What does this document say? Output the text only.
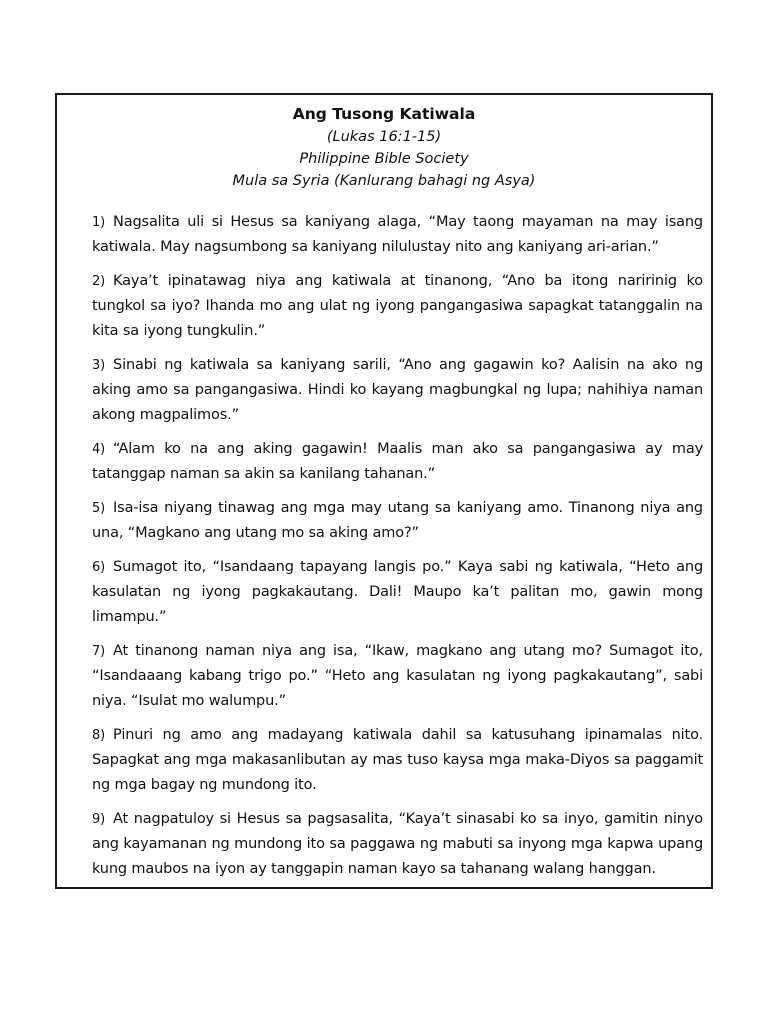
Ang Tusong Katiwala

(Lukas 16:1-15)

Philippine Bible Society

Mula sa Syria (Kanlurang bahagi ng Asya)

1) Nagsalita uli si Hesus sa kaniyang alaga, “May taong mayaman na may isang katiwala. May nagsumbong sa kaniyang nilulustay nito ang kaniyang ari-arian.”

2) Kaya’t ipinatawag niya ang katiwala at tinanong, “Ano ba itong naririnig ko tungkol sa iyo? Ihanda mo ang ulat ng iyong pangangasiwa sapagkat tatanggalin na kita sa iyong tungkulin.”

3) Sinabi ng katiwala sa kaniyang sarili, “Ano ang gagawin ko? Aalisin na ako ng aking amo sa pangangasiwa. Hindi ko kayang magbungkal ng lupa; nahihiya naman akong magpalimos.”

4) “Alam ko na ang aking gagawin! Maalis man ako sa pangangasiwa ay may tatanggap naman sa akin sa kanilang tahanan.”

5) Isa-isa niyang tinawag ang mga may utang sa kaniyang amo. Tinanong niya ang una, “Magkano ang utang mo sa aking amo?”

6) Sumagot ito, “Isandaang tapayang langis po.” Kaya sabi ng katiwala, “Heto ang kasulatan ng iyong pagkakautang. Dali! Maupo ka’t palitan mo, gawin mong limampu.”

7) At tinanong naman niya ang isa, “Ikaw, magkano ang utang mo? Sumagot ito, “Isandaaang kabang trigo po.” “Heto ang kasulatan ng iyong pagkakautang”, sabi niya. “Isulat mo walumpu.”

8) Pinuri ng amo ang madayang katiwala dahil sa katusuhang ipinamalas nito. Sapagkat ang mga makasanlibutan ay mas tuso kaysa mga maka-Diyos sa paggamit ng mga bagay ng mundong ito.

9) At nagpatuloy si Hesus sa pagsasalita, “Kaya’t sinasabi ko sa inyo, gamitin ninyo ang kayamanan ng mundong ito sa paggawa ng mabuti sa inyong mga kapwa upang kung maubos na iyon ay tanggapin naman kayo sa tahanang walang hanggan.
